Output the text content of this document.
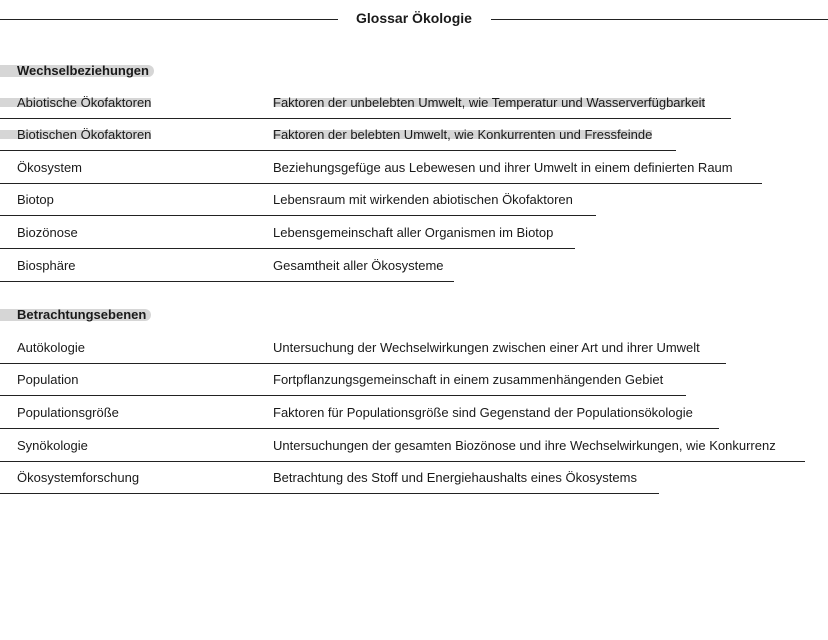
Glossar Ökologie
Wechselbeziehungen
Abiotische Ökofaktoren	Faktoren der unbelebten Umwelt, wie Temperatur und Wasserverfügbarkeit
Biotischen Ökofaktoren	Faktoren der belebten Umwelt, wie Konkurrenten und Fressfeinde
Ökosystem	Beziehungsgefüge aus Lebewesen und ihrer Umwelt in einem definierten Raum
Biotop	Lebensraum mit wirkenden abiotischen Ökofaktoren
Biozönose	Lebensgemeinschaft aller Organismen im Biotop
Biosphäre	Gesamtheit aller Ökosysteme
Betrachtungsebenen
Autökologie	Untersuchung der Wechselwirkungen zwischen einer Art und ihrer Umwelt
Population	Fortpflanzungsgemeinschaft in einem zusammenhängenden Gebiet
Populationsgröße	Faktoren für Populationsgröße sind Gegenstand der Populationsökologie
Synökologie	Untersuchungen der gesamten Biozönose und ihre Wechselwirkungen, wie Konkurrenz
Ökosystemforschung	Betrachtung des Stoff und Energiehaushalts eines Ökosystems
